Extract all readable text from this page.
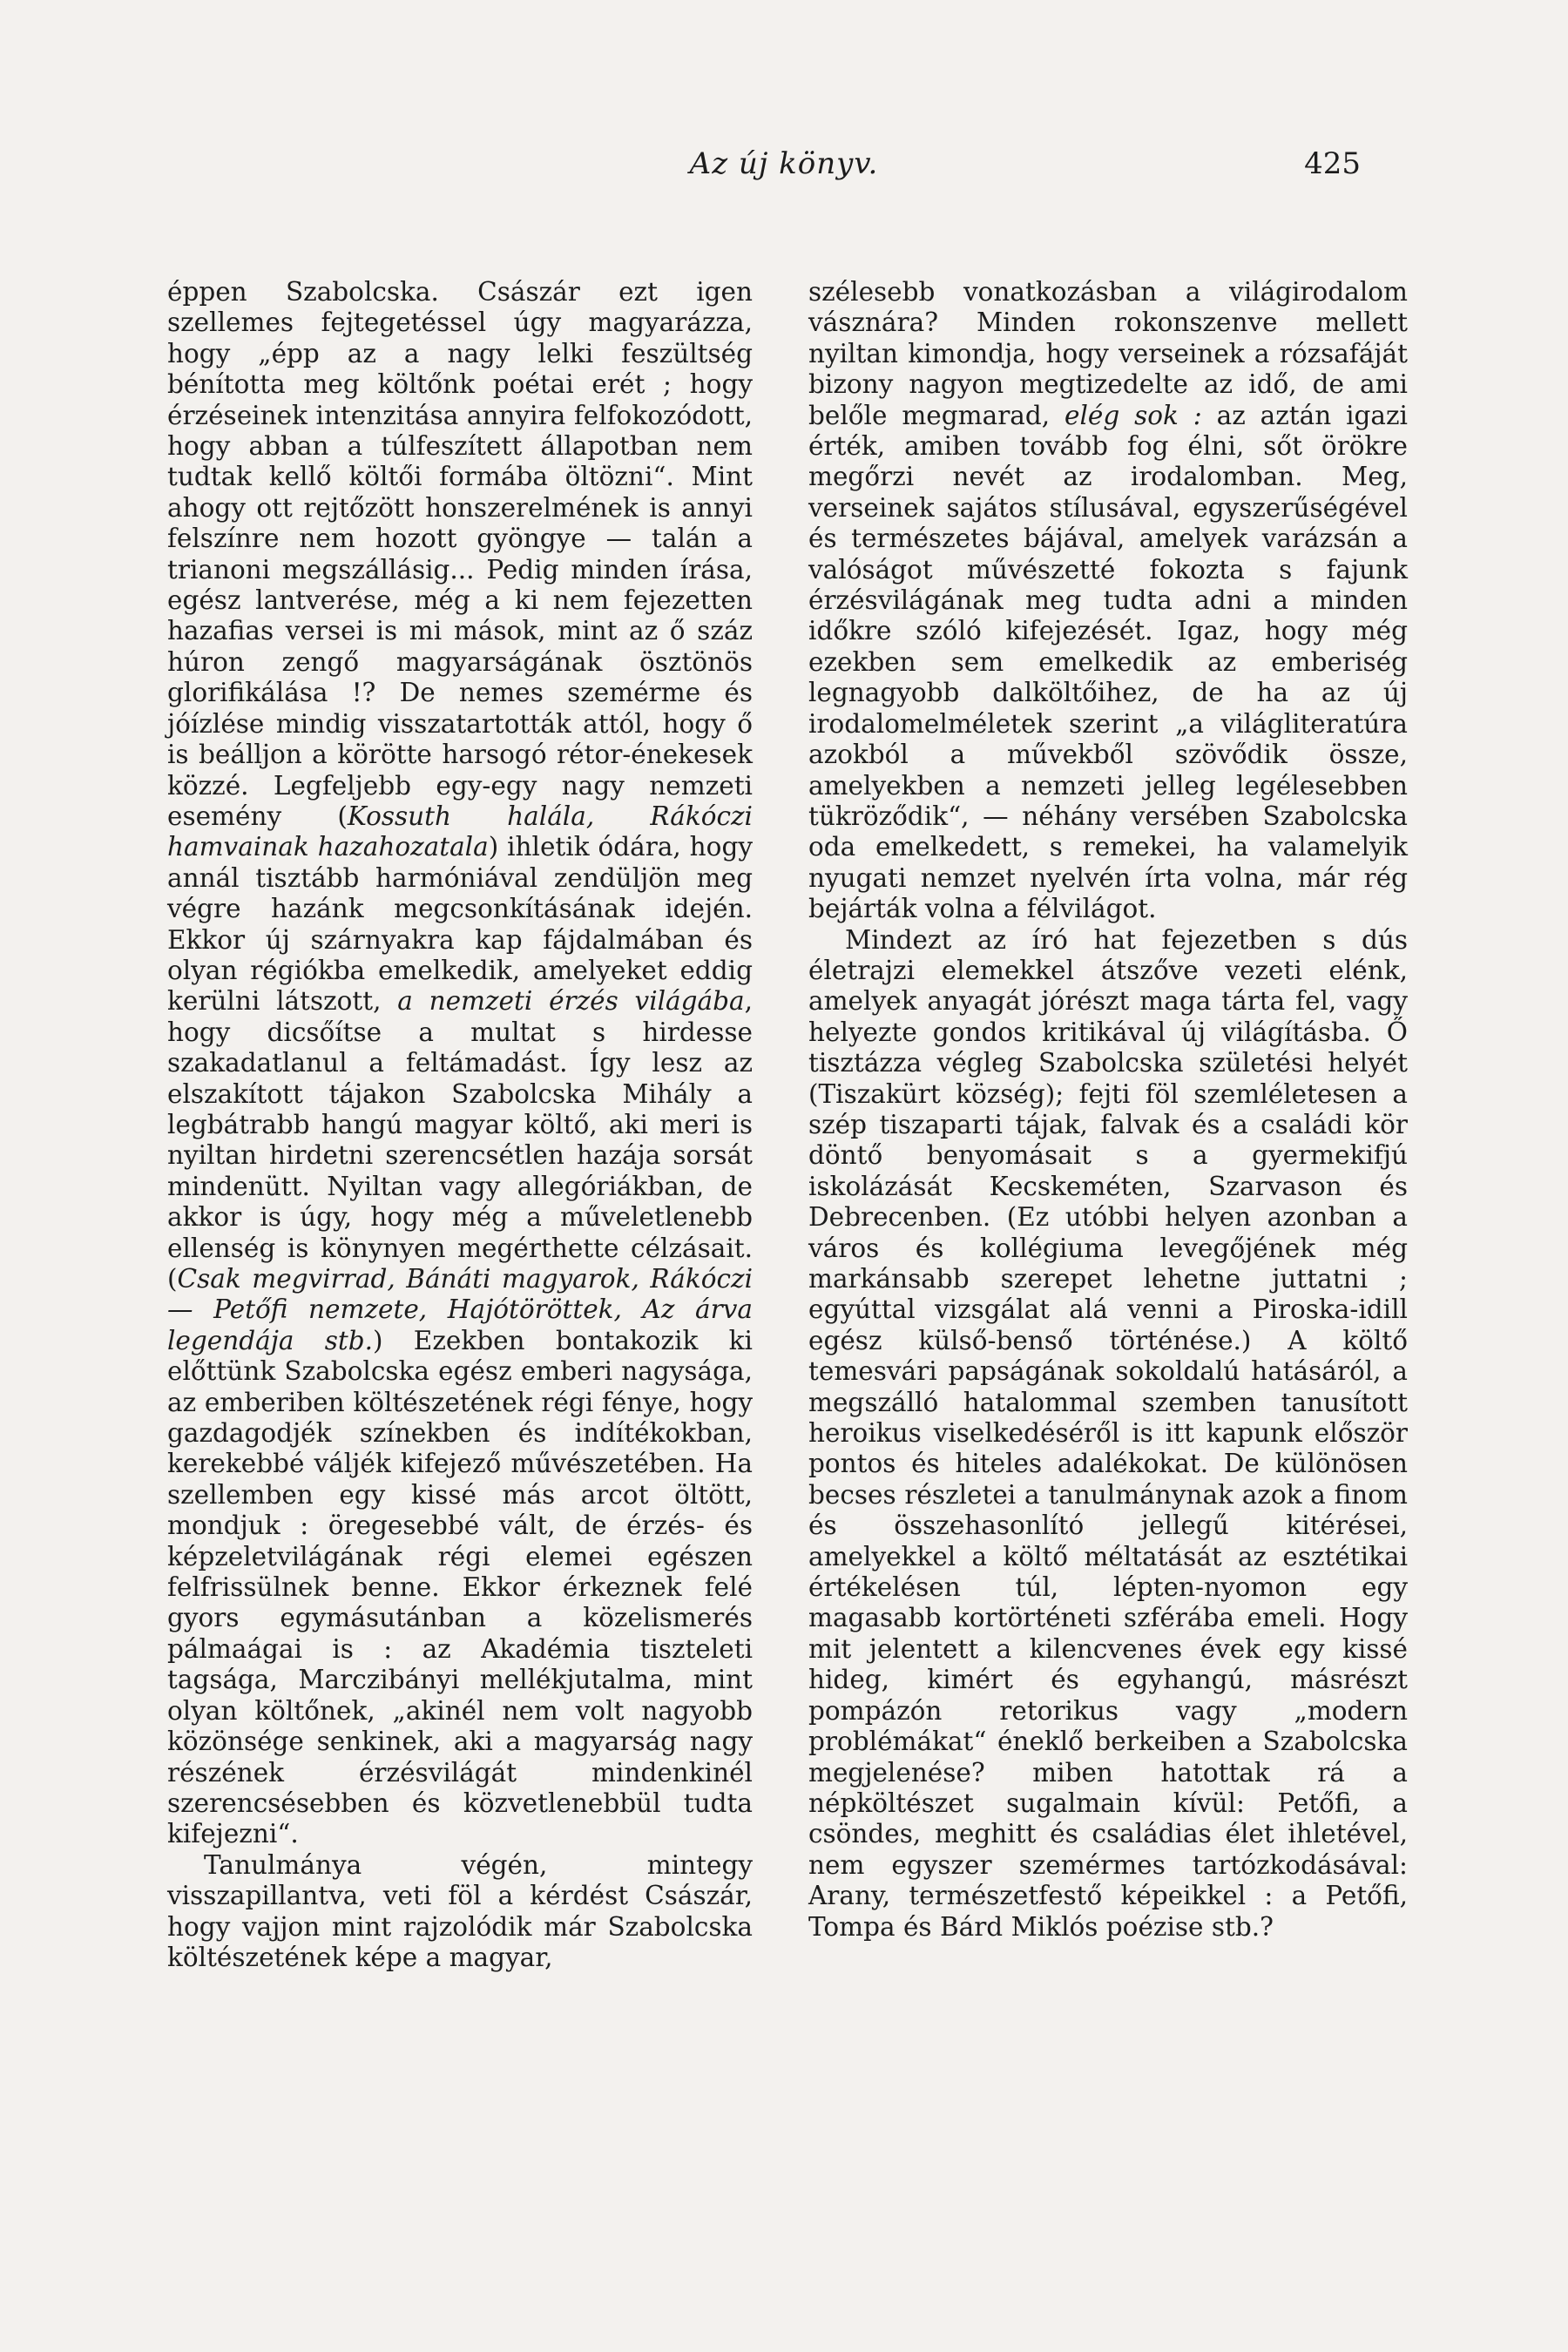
Az új könyv.	425

éppen Szabolcska. Császár ezt igen szellemes fejtegetéssel úgy magyarázza, hogy „épp az a nagy lelki feszültség bénította meg költőnk poétai erét ; hogy érzéseinek intenzitása annyira felfokozódott, hogy abban a túlfeszített állapotban nem tudtak kellő költői formába öltözni“. Mint ahogy ott rejtőzött honszerelmének is annyi felszínre nem hozott gyöngye — talán a trianoni megszállásig... Pedig minden írása, egész lantverése, még a ki nem fejezetten hazafias versei is mi mások, mint az ő száz húron zengő magyarságának ösztönös glorifikálása !? De nemes szemérme és jóízlése mindig visszatartották attól, hogy ő is beálljon a körötte harsogó rétor-énekesek közzé. Legfeljebb egy-egy nagy nemzeti esemény (Kossuth halála, Rákóczi hamvainak hazahozatala) ihletik ódára, hogy annál tisztább harmóniával zendüljön meg végre hazánk megcsonkításának idején. Ekkor új szárnyakra kap fájdalmában és olyan régiókba emelkedik, amelyeket eddig kerülni látszott, a nemzeti érzés világába, hogy dicsőítse a multat s hirdesse szakadatlanul a feltámadást. Így lesz az elszakított tájakon Szabolcska Mihály a legbátrabb hangú magyar költő, aki meri is nyiltan hirdetni szerencsétlen hazája sorsát mindenütt. Nyiltan vagy allegóriákban, de akkor is úgy, hogy még a műveletlenebb ellenség is könynyen megérthette célzásait. (Csak megvirrad, Bánáti magyarok, Rákóczi— Petőfi nemzete, Hajótöröttek, Az árva legendája stb.) Ezekben bontakozik ki előttünk Szabolcska egész emberi nagysága, az emberiben költészetének régi fénye, hogy gazdagodjék színekben és indítékokban, kerekebbé váljék kifejező művészetében. Ha szellemben egy kissé más arcot öltött, mondjuk : öregesebbé vált, de érzés- és képzeletvilágának régi elemei egészen felfrissülnek benne. Ekkor érkeznek felé gyors egymásutánban a közelismerés pálmaágai is : az Akadémia tiszteleti tagsága, Marczibányi mellékjutalma, mint olyan költőnek, „akinél nem volt nagyobb közönsége senkinek, aki a magyarság nagy részének érzésvilágát mindenkinél szerencsésebben és közvetlenebbül tudta kifejezni“.

Tanulmánya végén, mintegy visszapillantva, veti föl a kérdést Császár, hogy vajjon mint rajzolódik már Szabolcska költészetének képe a magyar,

szélesebb vonatkozásban a világirodalom vásznára? Minden rokonszenve mellett nyiltan kimondja, hogy verseinek a rózsafáját bizony nagyon megtizedelte az idő, de ami belőle megmarad, elég sok : az aztán igazi érték, amiben tovább fog élni, sőt örökre megőrzi nevét az irodalomban. Meg, verseinek sajátos stílusával, egyszerűségével és természetes bájával, amelyek varázsán a valóságot művészetté fokozta s fajunk érzésvilágának meg tudta adni a minden időkre szóló kifejezését. Igaz, hogy még ezekben sem emelkedik az emberiség legnagyobb dalköltőihez, de ha az új irodalomelméletek szerint „a világliteratúra azokból a művekből szövődik össze, amelyekben a nemzeti jelleg legélesebben tükröződik“, — néhány versében Szabolcska oda emelkedett, s remekei, ha valamelyik nyugati nemzet nyelvén írta volna, már rég bejárták volna a félvilágot.

Mindezt az író hat fejezetben s dús életrajzi elemekkel átszőve vezeti elénk, amelyek anyagát jórészt maga tárta fel, vagy helyezte gondos kritikával új világításba. Ő tisztázza végleg Szabolcska születési helyét (Tiszakürt község); fejti föl szemléletesen a szép tiszaparti tájak, falvak és a családi kör döntő benyomásait s a gyermekifjú iskolázását Kecskeméten, Szarvason és Debrecenben. (Ez utóbbi helyen azonban a város és kollégiuma levegőjének még markánsabb szerepet lehetne juttatni ; egyúttal vizsgálat alá venni a Piroska-idill egész külső-benső történése.) A költő temesvári papságának sokoldalú hatásáról, a megszálló hatalommal szemben tanusított heroikus viselkedéséről is itt kapunk először pontos és hiteles adalékokat. De különösen becses részletei a tanulmánynak azok a finom és összehasonlító jellegű kitérései, amelyekkel a költő méltatását az esztétikai értékelésen túl, lépten-nyomon egy magasabb kortörténeti szférába emeli. Hogy mit jelentett a kilencvenes évek egy kissé hideg, kimért és egyhangú, másrészt pompázón retorikus vagy „modern problémákat“ éneklő berkeiben a Szabolcska megjelenése? miben hatottak rá a népköltészet sugalmain kívül: Petőfi, a csöndes, meghitt és családias élet ihletével, nem egyszer szemérmes tartózkodásával: Arany, természetfestő képeikkel : a Petőfi, Tompa és Bárd Miklós poézise stb.?
